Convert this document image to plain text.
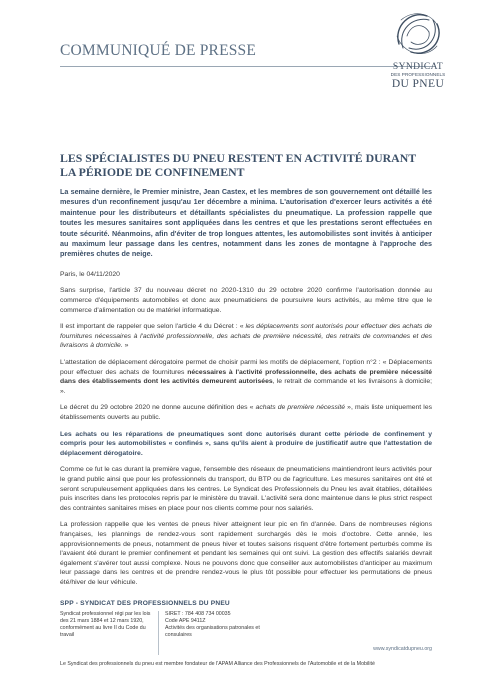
COMMUNIQUÉ DE PRESSE
SYNDICAT
DES PROFESSIONNELS
DU PNEU
LES SPÉCIALISTES DU PNEU RESTENT EN ACTIVITÉ DURANT
LA PÉRIODE DE CONFINEMENT

La semaine dernière, le Premier ministre, Jean Castex, et les membres de son gouvernement ont détaillé les mesures d'un reconfinement jusqu'au 1er décembre a minima. L'autorisation d'exercer leurs activités a été maintenue pour les distributeurs et détaillants spécialistes du pneumatique. La profession rappelle que toutes les mesures sanitaires sont appliquées dans les centres et que les prestations seront effectuées en toute sécurité. Néanmoins, afin d'éviter de trop longues attentes, les automobilistes sont invités à anticiper au maximum leur passage dans les centres, notamment dans les zones de montagne à l'approche des premières chutes de neige.

Paris, le 04/11/2020

Sans surprise, l'article 37 du nouveau décret no 2020-1310 du 29 octobre 2020 confirme l'autorisation donnée au commerce d'équipements automobiles et donc aux pneumaticiens de poursuivre leurs activités, au même titre que le commerce d'alimentation ou de matériel informatique.

Il est important de rappeler que selon l'article 4 du Décret : « les déplacements sont autorisés pour effectuer des achats de fournitures nécessaires à l'activité professionnelle, des achats de première nécessité, des retraits de commandes et des livraisons à domicile. »

L'attestation de déplacement dérogatoire permet de choisir parmi les motifs de déplacement, l'option n°2 : « Déplacements pour effectuer des achats de fournitures nécessaires à l'activité professionnelle, des achats de première nécessité dans des établissements dont les activités demeurent autorisées, le retrait de commande et les livraisons à domicile; ».

Le décret du 29 octobre 2020 ne donne aucune définition des « achats de première nécessité », mais liste uniquement les établissements ouverts au public.

Les achats ou les réparations de pneumatiques sont donc autorisés durant cette période de confinement y compris pour les automobilistes « confinés », sans qu'ils aient à produire de justificatif autre que l'attestation de déplacement dérogatoire.

Comme ce fut le cas durant la première vague, l'ensemble des réseaux de pneumaticiens maintiendront leurs activités pour le grand public ainsi que pour les professionnels du transport, du BTP ou de l'agriculture. Les mesures sanitaires ont été et seront scrupuleusement appliquées dans les centres. Le Syndicat des Professionnels du Pneu les avait établies, détaillées puis inscrites dans les protocoles repris par le ministère du travail. L'activité sera donc maintenue dans le plus strict respect des contraintes sanitaires mises en place pour nos clients comme pour nos salariés.

La profession rappelle que les ventes de pneus hiver atteignent leur pic en fin d'année. Dans de nombreuses régions françaises, les plannings de rendez-vous sont rapidement surchargés dès le mois d'octobre. Cette année, les approvisionnements de pneus, notamment de pneus hiver et toutes saisons risquent d'être fortement perturbés comme ils l'avaient été durant le premier confinement et pendant les semaines qui ont suivi. La gestion des effectifs salariés devrait également s'avérer tout aussi complexe. Nous ne pouvons donc que conseiller aux automobilistes d'anticiper au maximum leur passage dans les centres et de prendre rendez-vous le plus tôt possible pour effectuer les permutations de pneus été/hiver de leur véhicule.

SPP - SYNDICAT DES PROFESSIONNELS DU PNEU
Syndicat professionnel régi par les lois des 21 mars 1884 et 12 mars 1920, conformément au livre II du Code du travail
SIRET : 784 408 734 00035
Code APE 9411Z
Activités des organisations patronales et consulaires
www.syndicatdupneu.org
Le Syndicat des professionnels du pneu est membre fondateur de l'APAM Alliance des Professionnels de l'Automobile et de la Mobilité
